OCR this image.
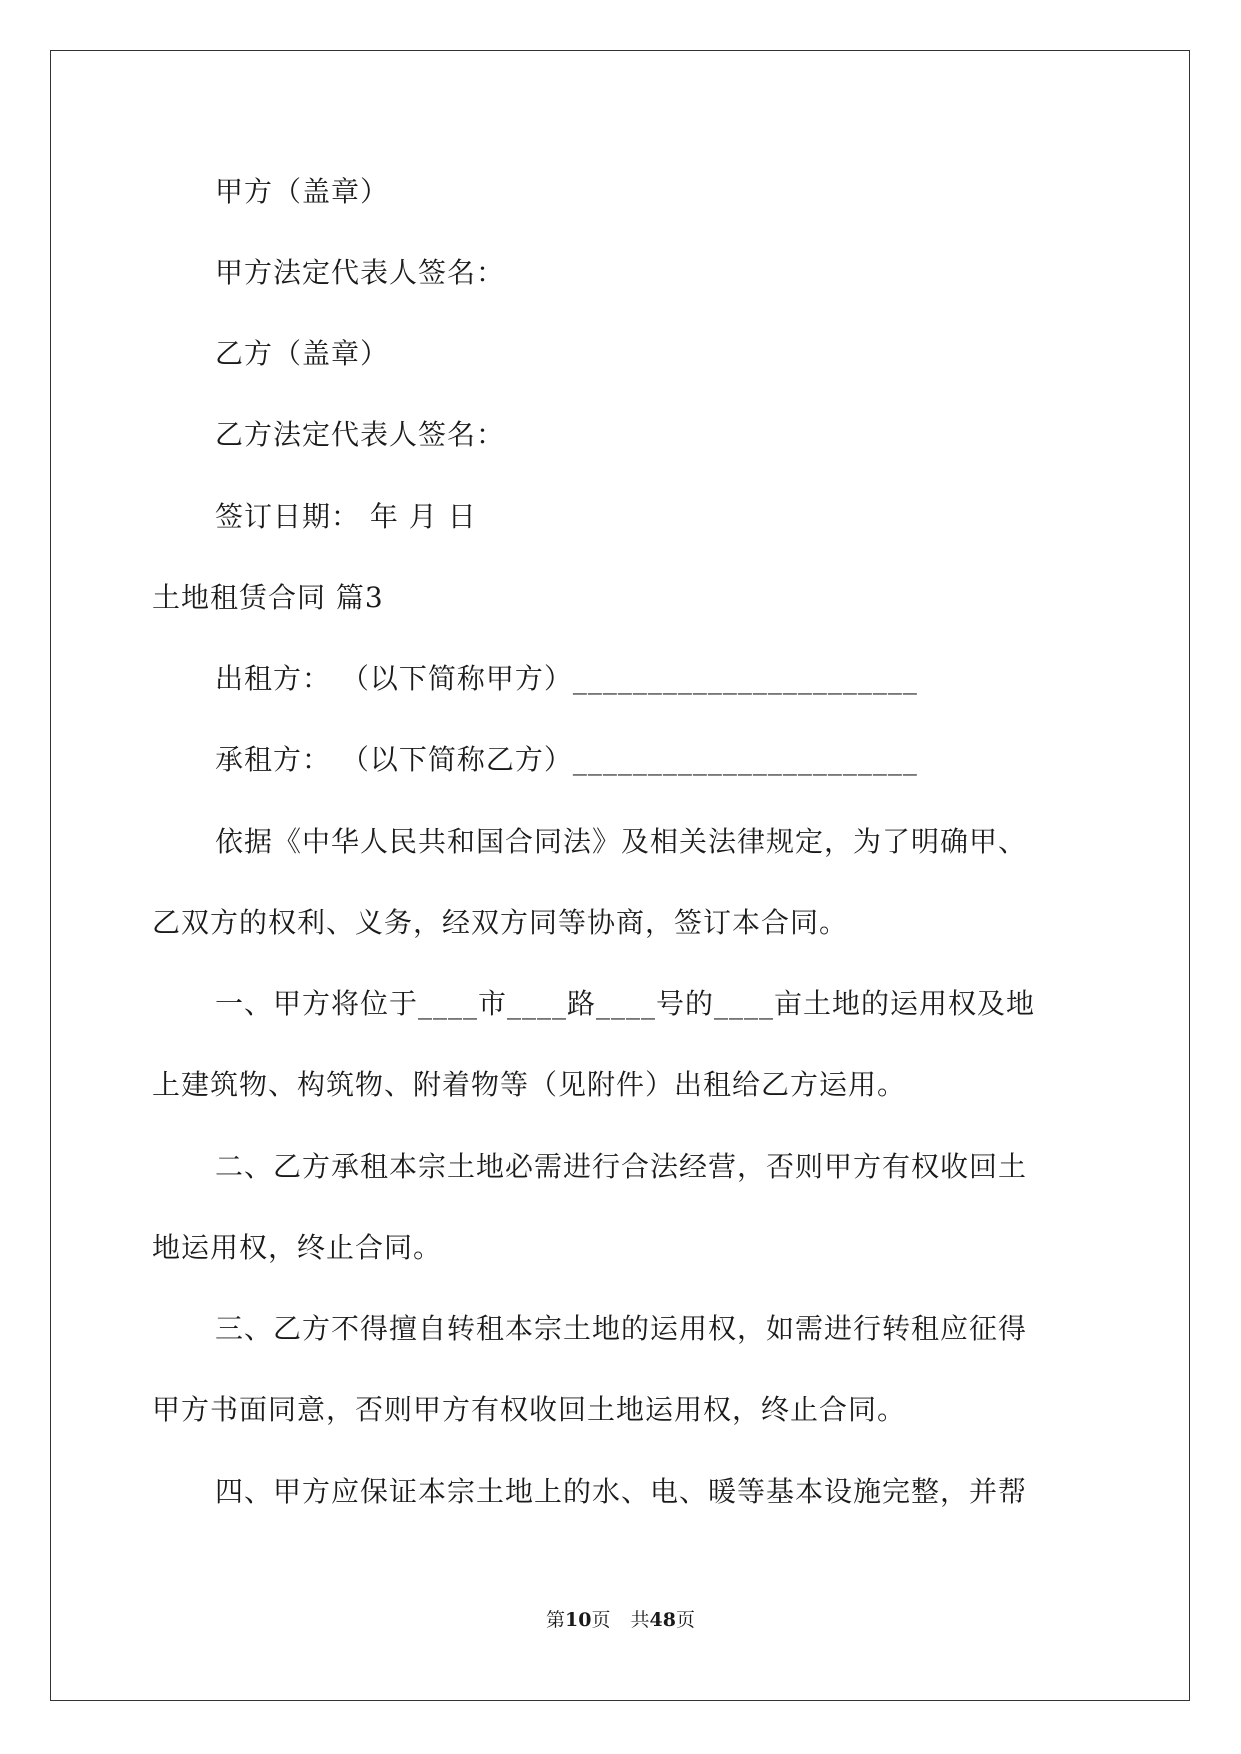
甲方（盖章）
甲方法定代表人签名：
乙方（盖章）
乙方法定代表人签名：
签订日期： 年 月 日
土地租赁合同 篇3
出租方： （以下简称甲方）_______________________
承租方： （以下简称乙方）_______________________
依据《中华人民共和国合同法》及相关法律规定，为了明确甲、
乙双方的权利、义务，经双方同等协商，签订本合同。
一、甲方将位于____市____路____号的____亩土地的运用权及地
上建筑物、构筑物、附着物等（见附件）出租给乙方运用。
二、乙方承租本宗土地必需进行合法经营，否则甲方有权收回土
地运用权，终止合同。
三、乙方不得擅自转租本宗土地的运用权，如需进行转租应征得
甲方书面同意，否则甲方有权收回土地运用权，终止合同。
四、甲方应保证本宗土地上的水、电、暖等基本设施完整，并帮
第10页 共48页
